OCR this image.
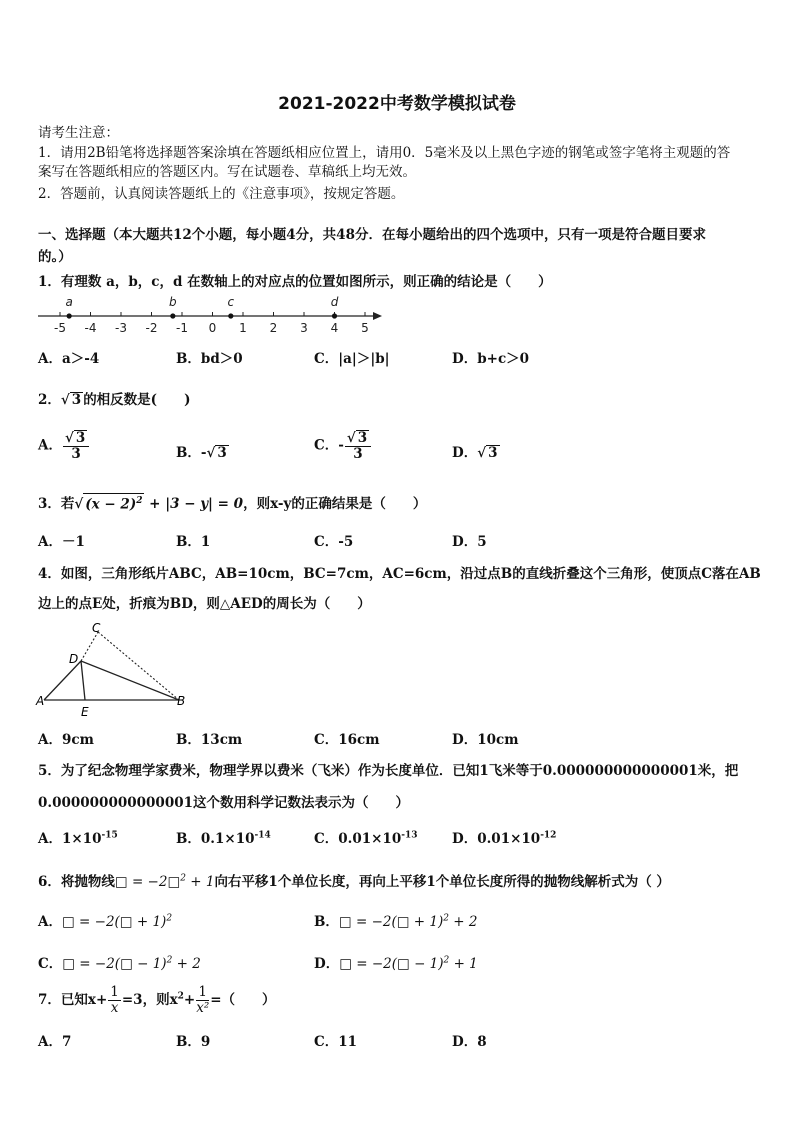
2021-2022中考数学模拟试卷
请考生注意：
1．请用2B铅笔将选择题答案涂填在答题纸相应位置上，请用0．5毫米及以上黑色字迹的钢笔或签字笔将主观题的答
案写在答题纸相应的答题区内。写在试题卷、草稿纸上均无效。
2．答题前，认真阅读答题纸上的《注意事项》，按规定答题。
一、选择题（本大题共12个小题，每小题4分，共48分．在每小题给出的四个选项中，只有一项是符合题目要求
的。）
1．有理数 a，b，c，d 在数轴上的对应点的位置如图所示，则正确的结论是（　　）
-5 -4 -3 -2 -1 0 1 2 3 4 5
a	b	c	d
A．a＞-4	B．bd＞0	C．|a|＞|b|	D．b+c＞0
2．√ 3 的相反数是(　　)
A． $\frac{√ 3}{3}$	B．-√ 3	C．- $\frac{√ 3}{3}$	D．√ 3
3．若√ $(x - 2)^2 + |3 - y| = 0$，则x-y的正确结果是（　　）
A．－1	B．1	C．-5	D．5
4．如图，三角形纸片ABC，AB=10cm，BC=7cm，AC=6cm，沿过点B的直线折叠这个三角形，使顶点C落在AB
边上的点E处，折痕为BD，则△AED的周长为（　　）
C
D
A
E
B
A．9cm	B．13cm	C．16cm	D．10cm
5．为了纪念物理学家费米，物理学界以费米（飞米）作为长度单位．已知1飞米等于0.000000000000001米，把
0.000000000000001这个数用科学记数法表示为（　　）
A．$1\times 10^{-15}$	B．$0.1\times 10^{-14}$	C．$0.01\times 10^{-13}$	D．$0.01\times 10^{-12}$
6．将抛物线□ = −2□$^2$ + 1向右平移1个单位长度，再向上平移1个单位长度所得的抛物线解析式为（ ）
A．□ = −2(□ + 1)$^2$	B．□ = −2(□ + 1)$^2$ + 2
C．□ = −2(□ − 1)$^2$ + 2	D．□ = −2(□ − 1)$^2$ + 1
7．已知$x+ \frac{1}{x} =3$，则$x^2+ \frac{1}{\text{x²}}$ =（　　）
A．7	B．9	C．11	D．8
